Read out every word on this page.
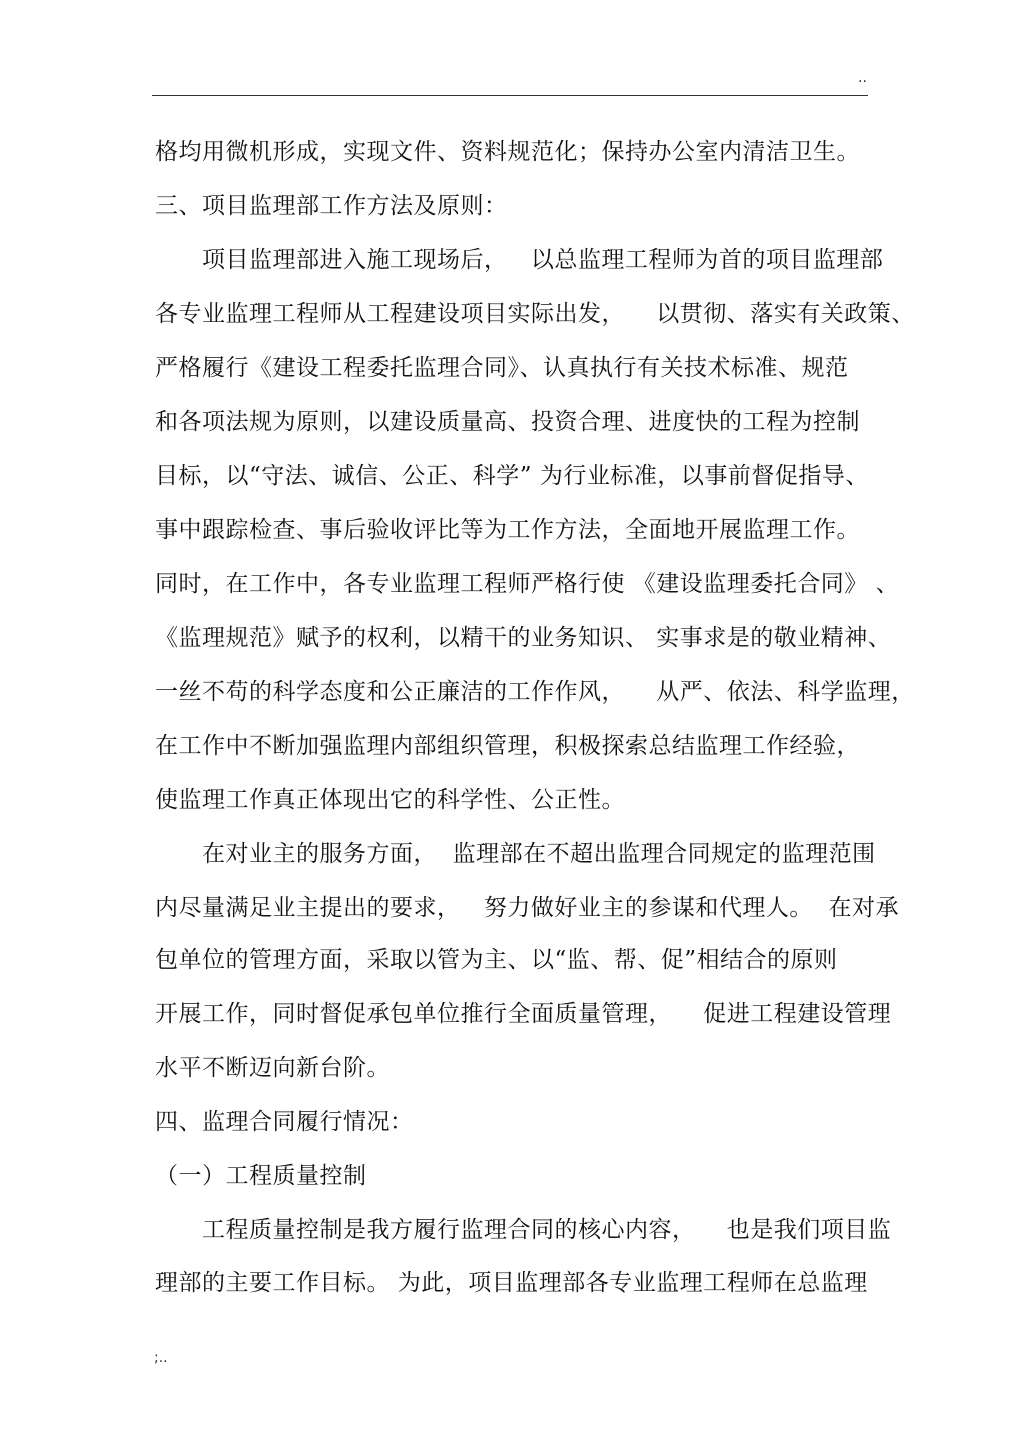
..
格均用微机形成，实现文件、资料规范化；保持办公室内清洁卫生。
三、项目监理部工作方法及原则：
项目监理部进入施工现场后，   以总监理工程师为首的项目监理部
各专业监理工程师从工程建设项目实际出发，    以贯彻、落实有关政策、
严格履行《建设工程委托监理合同》、认真执行有关技术标准、规范
和各项法规为原则，以建设质量高、投资合理、进度快的工程为控制
目标，以“守法、诚信、公正、科学” 为行业标准，以事前督促指导、
事中跟踪检查、事后验收评比等为工作方法，全面地开展监理工作。
同时，在工作中，各专业监理工程师严格行使 《建设监理委托合同》 、
《监理规范》赋予的权利，以精干的业务知识、 实事求是的敬业精神、
一丝不苟的科学态度和公正廉洁的工作作风，    从严、依法、科学监理，
在工作中不断加强监理内部组织管理，积极探索总结监理工作经验，
使监理工作真正体现出它的科学性、公正性。
在对业主的服务方面，  监理部在不超出监理合同规定的监理范围
内尽量满足业主提出的要求，   努力做好业主的参谋和代理人。  在对承
包单位的管理方面，采取以管为主、以“监、帮、促”相结合的原则
开展工作，同时督促承包单位推行全面质量管理，    促进工程建设管理
水平不断迈向新台阶。
四、监理合同履行情况：
（一）工程质量控制
工程质量控制是我方履行监理合同的核心内容，    也是我们项目监
理部的主要工作目标。 为此，项目监理部各专业监理工程师在总监理
;..
